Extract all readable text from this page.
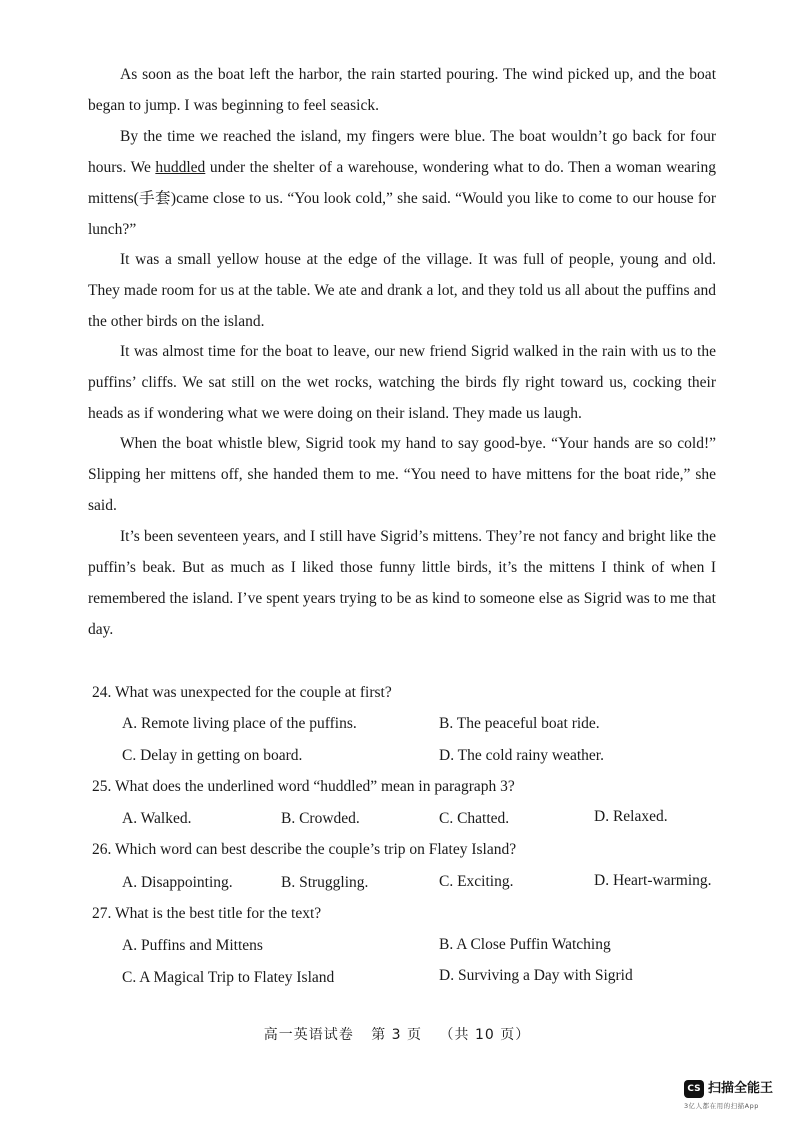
As soon as the boat left the harbor, the rain started pouring. The wind picked up, and the boat began to jump. I was beginning to feel seasick.

By the time we reached the island, my fingers were blue. The boat wouldn’t go back for four hours. We huddled under the shelter of a warehouse, wondering what to do. Then a woman wearing mittens(手套)came close to us. “You look cold,” she said. “Would you like to come to our house for lunch?”

It was a small yellow house at the edge of the village. It was full of people, young and old. They made room for us at the table. We ate and drank a lot, and they told us all about the puffins and the other birds on the island.

It was almost time for the boat to leave, our new friend Sigrid walked in the rain with us to the puffins’ cliffs. We sat still on the wet rocks, watching the birds fly right toward us, cocking their heads as if wondering what we were doing on their island. They made us laugh.

When the boat whistle blew, Sigrid took my hand to say good-bye. “Your hands are so cold!” Slipping her mittens off, she handed them to me. “You need to have mittens for the boat ride,” she said.

It’s been seventeen years, and I still have Sigrid’s mittens. They’re not fancy and bright like the puffin’s beak. But as much as I liked those funny little birds, it’s the mittens I think of when I remembered the island. I’ve spent years trying to be as kind to someone else as Sigrid was to me that day.

24. What was unexpected for the couple at first?

A. Remote living place of the puffins.	B. The peaceful boat ride.
C. Delay in getting on board.	D. The cold rainy weather.

25. What does the underlined word “huddled” mean in paragraph 3?

A. Walked.	B. Crowded.	C. Chatted.	D. Relaxed.

26. Which word can best describe the couple’s trip on Flatey Island?

A. Disappointing.	B. Struggling.	C. Exciting.	D. Heart-warming.

27. What is the best title for the text?

A. Puffins and Mittens	B. A Close Puffin Watching
C. A Magical Trip to Flatey Island	D. Surviving a Day with Sigrid
高一英语试卷 第 3 页 （共 10 页）
CS 扫描全能王
3亿人都在用的扫描App
